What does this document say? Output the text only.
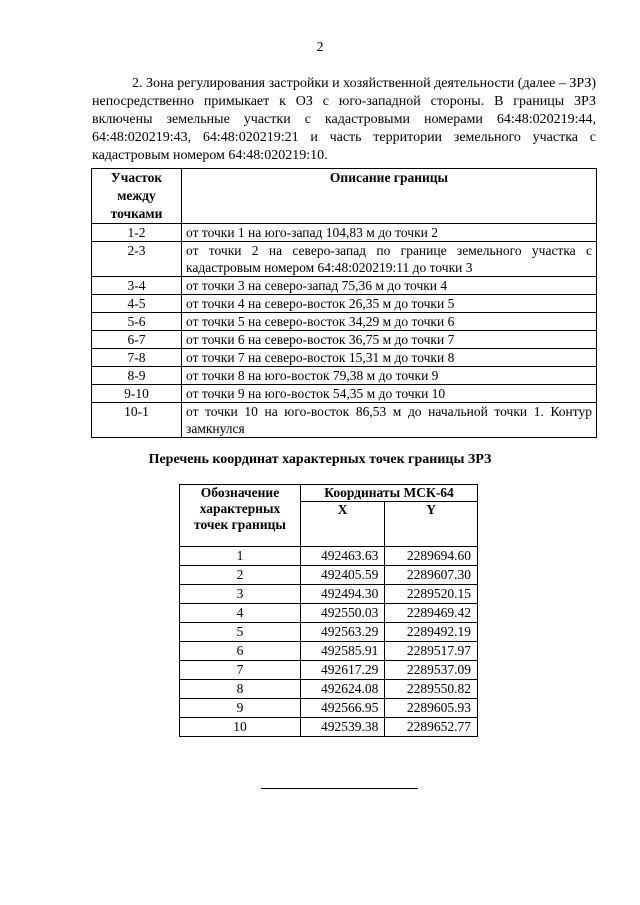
2

2. Зона регулирования застройки и хозяйственной деятельности (далее – ЗРЗ) непосредственно примыкает к ОЗ с юго-западной стороны. В границы ЗРЗ включены земельные участки с кадастровыми номерами 64:48:020219:44, 64:48:020219:43, 64:48:020219:21 и часть территории земельного участка с кадастровым номером 64:48:020219:10.

Участок между точками	Описание границы
1-2	от точки 1 на юго-запад 104,83 м до точки 2
2-3	от точки 2 на северо-запад по границе земельного участка с кадастровым номером 64:48:020219:11 до точки 3
3-4	от точки 3 на северо-запад 75,36 м до точки 4
4-5	от точки 4 на северо-восток 26,35 м до точки 5
5-6	от точки 5 на северо-восток 34,29 м до точки 6
6-7	от точки 6 на северо-восток 36,75 м до точки 7
7-8	от точки 7 на северо-восток 15,31 м до точки 8
8-9	от точки 8 на юго-восток 79,38 м до точки 9
9-10	от точки 9 на юго-восток 54,35 м до точки 10
10-1	от точки 10 на юго-восток 86,53 м до начальной точки 1. Контур замкнулся
Перечень координат характерных точек границы ЗРЗ
Обозначение характерных точек границы	Координаты МСК-64	
	X	Y
1	492463.63	2289694.60
2	492405.59	2289607.30
3	492494.30	2289520.15
4	492550.03	2289469.42
5	492563.29	2289492.19
6	492585.91	2289517.97
7	492617.29	2289537.09
8	492624.08	2289550.82
9	492566.95	2289605.93
10	492539.38	2289652.77
